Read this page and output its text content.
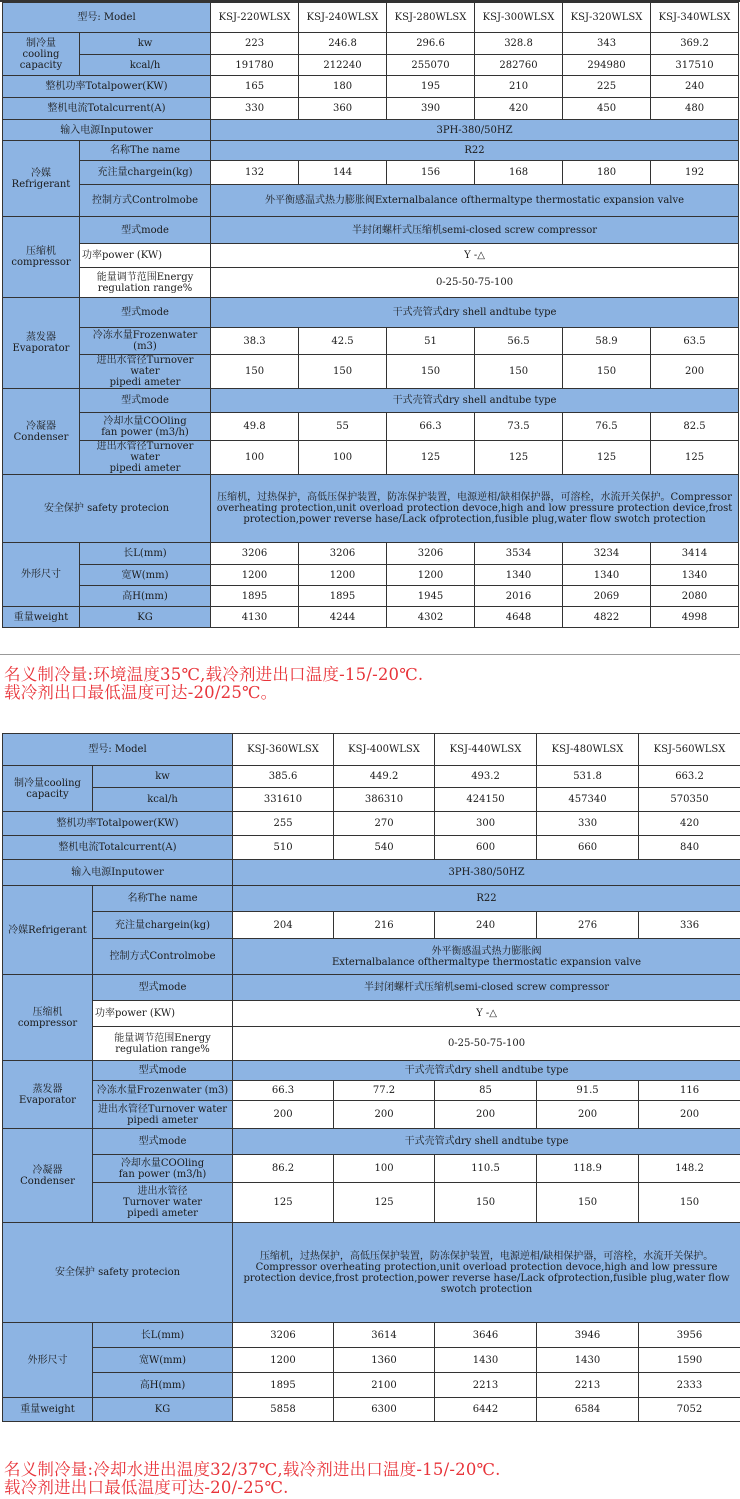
型号: Model		KSJ-220WLSX	KSJ-240WLSX	KSJ-280WLSX	KSJ-300WLSX	KSJ-320WLSX	KSJ-340WLSX
制冷量
cooling
capacity	kw	223	246.8	296.6	328.8	343	369.2
	kcal/h	191780	212240	255070	282760	294980	317510
整机功率Totalpower(KW)		165	180	195	210	225	240
整机电流Totalcurrent(A)		330	360	390	420	450	480
输入电源Inputower		3PH-380/50HZ					
冷媒
Refrigerant	名称The name	R22					
	充注量chargein(kg)	132	144	156	168	180	192
	控制方式Controlmobe	外平衡感温式热力膨胀阀Externalbalance ofthermaltype thermostatic expansion valve					
压缩机
compressor	型式mode	半封闭螺杆式压缩机semi-closed screw compressor					
	功率power (KW)	Y -△					
	能量调节范围Energy
regulation range%	0-25-50-75-100					
蒸发器
Evaporator	型式mode	干式壳管式dry shell andtube type					
	冷冻水量Frozenwater (m3)	38.3	42.5	51	56.5	58.9	63.5
	进出水管径Turnover water
pipedi ameter	150	150	150	150	150	200
冷凝器
Condenser	型式mode	干式壳管式dry shell andtube type					
	冷却水量COOling
fan power (m3/h)	49.8	55	66.3	73.5	76.5	82.5
	进出水管径Turnover water
pipedi ameter	100	100	125	125	125	125
安全保护 safety protecion		压缩机，过热保护，高低压保护装置，防冻保护装置，电源逆相/缺相保护器，可溶栓，水流开关保护。Compressor overheating protection,unit overload protection devoce,high and low pressure protection device,frost protection,power reverse hase/Lack ofprotection,fusible plug,water flow swotch protection					
外形尺寸	长L(mm)	3206	3206	3206	3534	3234	3414
	宽W(mm)	1200	1200	1200	1340	1340	1340
	高H(mm)	1895	1895	1945	2016	2069	2080
重量weight	KG	4130	4244	4302	4648	4822	4998

名义制冷量:环境温度35℃,载冷剂进出口温度-15/-20℃.
载冷剂出口最低温度可达-20/25℃。

型号: Model		KSJ-360WLSX	KSJ-400WLSX	KSJ-440WLSX	KSJ-480WLSX	KSJ-560WLSX
制冷量cooling
capacity	kw	385.6	449.2	493.2	531.8	663.2
	kcal/h	331610	386310	424150	457340	570350
整机功率Totalpower(KW)		255	270	300	330	420
整机电流Totalcurrent(A)		510	540	600	660	840
输入电源Inputower		3PH-380/50HZ				
冷媒Refrigerant	名称The name	R22				
	充注量chargein(kg)	204	216	240	276	336
	控制方式Controlmobe	外平衡感温式热力膨胀阀
Externalbalance ofthermaltype thermostatic expansion valve				
压缩机
compressor	型式mode	半封闭螺杆式压缩机semi-closed screw compressor				
	功率power (KW)	Y -△				
	能量调节范围Energy
regulation range%	0-25-50-75-100				
蒸发器
Evaporator	型式mode	干式壳管式dry shell andtube type				
	冷冻水量Frozenwater (m3)	66.3	77.2	85	91.5	116
	进出水管径Turnover water
pipedi ameter	200	200	200	200	200
冷凝器
Condenser	型式mode	干式壳管式dry shell andtube type				
	冷却水量COOling
fan power (m3/h)	86.2	100	110.5	118.9	148.2
	进出水管径
Turnover water
pipedi ameter	125	125	150	150	150
安全保护 safety protecion		压缩机，过热保护，高低压保护装置，防冻保护装置，电源逆相/缺相保护器，可溶栓，水流开关保护。Compressor overheating protection,unit overload protection devoce,high and low pressure protection device,frost protection,power reverse hase/Lack ofprotection,fusible plug,water flow swotch protection				
外形尺寸	长L(mm)	3206	3614	3646	3946	3956
	宽W(mm)	1200	1360	1430	1430	1590
	高H(mm)	1895	2100	2213	2213	2333
重量weight	KG	5858	6300	6442	6584	7052

名义制冷量:冷却水进出温度32/37℃,载冷剂进出口温度-15/-20℃.
载冷剂进出口最低温度可达-20/-25℃.
